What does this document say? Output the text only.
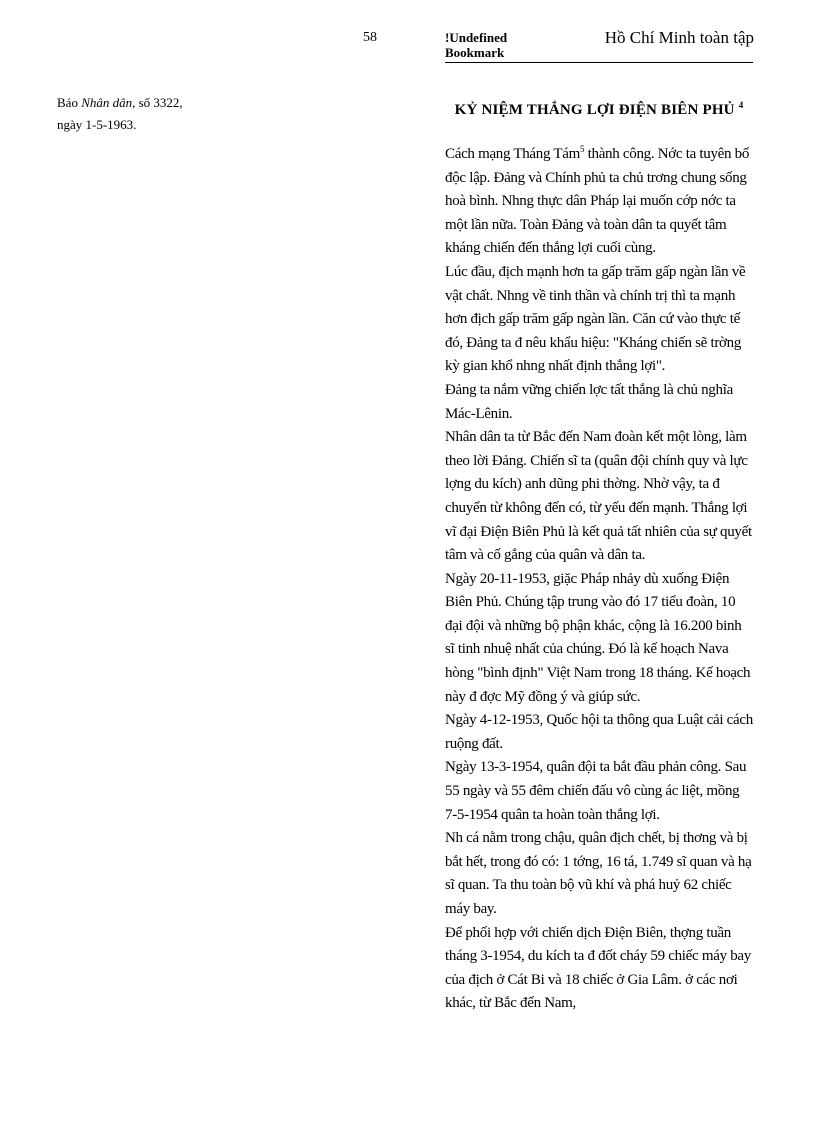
58	!Undefined Bookmark
Hồ Chí Minh toàn tập
Báo Nhân dân, số 3322,
ngày 1-5-1963.
KỶ NIỆM THẮNG LỢI ĐIỆN BIÊN PHỦ $^4$

Cách mạng Tháng Tám$^5$ thành công. Nớc ta tuyên bố độc lập. Đảng và Chính phủ ta chủ trơng chung sống hoà bình. Nhng thực dân Pháp lại muốn cớp nớc ta một lần nữa. Toàn Đảng và toàn dân ta quyết tâm kháng chiến đến thắng lợi cuối cùng.

Lúc đầu, địch mạnh hơn ta gấp trăm gấp ngàn lần về vật chất. Nhng về tinh thần và chính trị thì ta mạnh hơn địch gấp trăm gấp ngàn lần. Căn cứ vào thực tế đó, Đảng ta đ nêu khẩu hiệu: "Kháng chiến sẽ trờng kỳ gian khổ nhng nhất định thắng lợi".

Đảng ta nắm vững chiến lợc tất thắng là chủ nghĩa Mác-Lênin.

Nhân dân ta từ Bắc đến Nam đoàn kết một lòng, làm theo lời Đảng. Chiến sĩ ta (quân đội chính quy và lực lợng du kích) anh dũng phi thờng. Nhờ vậy, ta đ chuyển từ không đến có, từ yếu đến mạnh. Thắng lợi vĩ đại Điện Biên Phủ là kết quả tất nhiên của sự quyết tâm và cố gắng của quân và dân ta.

Ngày 20-11-1953, giặc Pháp nhảy dù xuống Điện Biên Phủ. Chúng tập trung vào đó 17 tiểu đoàn, 10 đại đội và những bộ phận khác, cộng là 16.200 binh sĩ tinh nhuệ nhất của chúng. Đó là kế hoạch Nava hòng "bình định" Việt Nam trong 18 tháng. Kế hoạch này đ đợc Mỹ đồng ý và giúp sức.

Ngày 4-12-1953, Quốc hội ta thông qua Luật cải cách ruộng đất.

Ngày 13-3-1954, quân đội ta bắt đầu phản công. Sau 55 ngày và 55 đêm chiến đấu vô cùng ác liệt, mồng 7-5-1954 quân ta hoàn toàn thắng lợi.

Nh cá nằm trong chậu, quân địch chết, bị thơng và bị bắt hết, trong đó có: 1 tớng, 16 tá, 1.749 sĩ quan và hạ sĩ quan. Ta thu toàn bộ vũ khí và phá huỷ 62 chiếc máy bay.

Để phối hợp với chiến dịch Điện Biên, thợng tuần tháng 3-1954, du kích ta đ đốt cháy 59 chiếc máy bay của địch ở Cát Bi và 18 chiếc ở Gia Lâm. ở các nơi khác, từ Bắc đến Nam,
